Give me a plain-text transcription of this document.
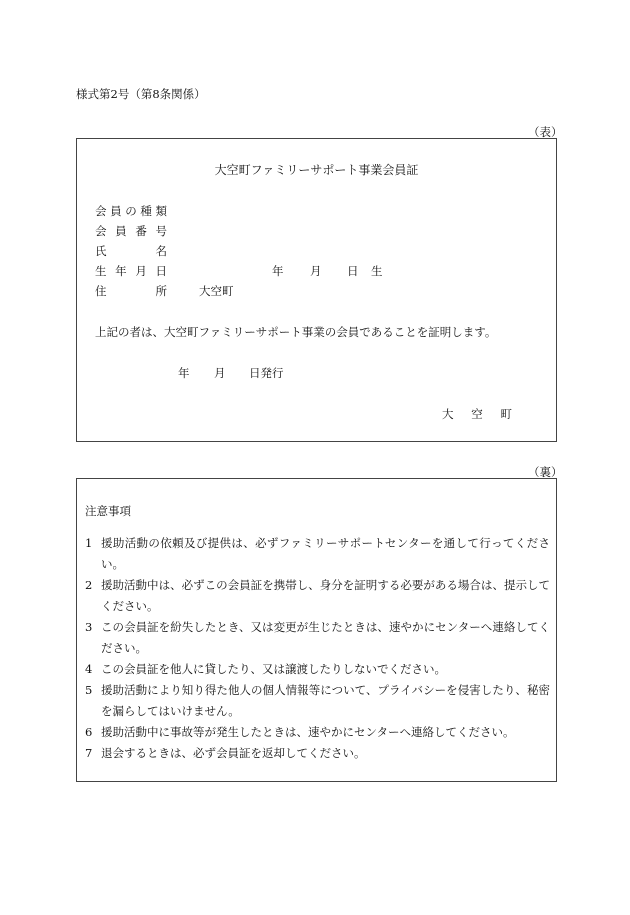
様式第2号（第8条関係）
（表）
大空町ファミリーサポート事業会員証
会 員 の 種 類
会 員 番 号
氏	名
生 年 月 日	年 月 日 生
住	所	大空町
上記の者は、大空町ファミリーサポート事業の会員であることを証明します。
年 月 日発行
大 空 町
（裏）
注意事項
1 援助活動の依頼及び提供は、必ずファミリーサポートセンターを通して行ってください。
2 援助活動中は、必ずこの会員証を携帯し、身分を証明する必要がある場合は、提示してください。
3 この会員証を紛失したとき、又は変更が生じたときは、速やかにセンターへ連絡してください。
4 この会員証を他人に貸したり、又は譲渡したりしないでください。
5 援助活動により知り得た他人の個人情報等について、プライバシーを侵害したり、秘密を漏らしてはいけません。
6 援助活動中に事故等が発生したときは、速やかにセンターへ連絡してください。
7 退会するときは、必ず会員証を返却してください。
